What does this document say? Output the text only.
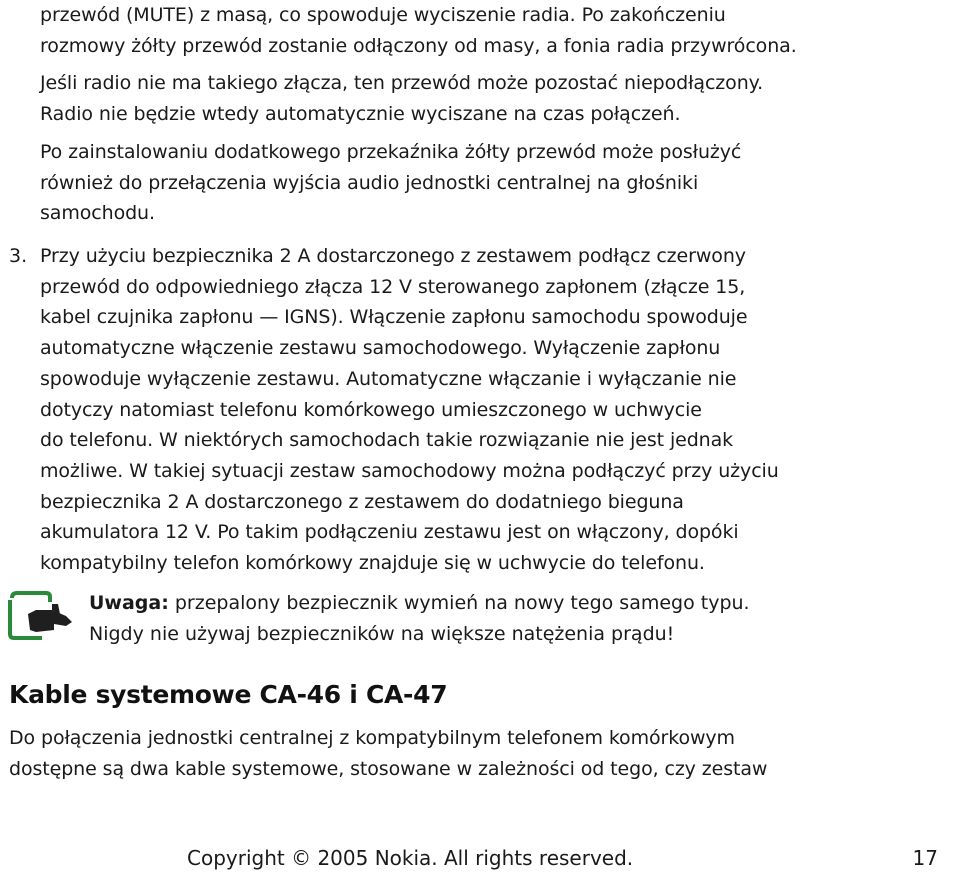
przewód (MUTE) z masą, co spowoduje wyciszenie radia. Po zakończeniu
rozmowy żółty przewód zostanie odłączony od masy, a fonia radia przywrócona.

Jeśli radio nie ma takiego złącza, ten przewód może pozostać niepodłączony.
Radio nie będzie wtedy automatycznie wyciszane na czas połączeń.

Po zainstalowaniu dodatkowego przekaźnika żółty przewód może posłużyć
również do przełączenia wyjścia audio jednostki centralnej na głośniki
samochodu.

3. Przy użyciu bezpiecznika 2 A dostarczonego z zestawem podłącz czerwony
przewód do odpowiedniego złącza 12 V sterowanego zapłonem (złącze 15,
kabel czujnika zapłonu — IGNS). Włączenie zapłonu samochodu spowoduje
automatyczne włączenie zestawu samochodowego. Wyłączenie zapłonu
spowoduje wyłączenie zestawu. Automatyczne włączanie i wyłączanie nie
dotyczy natomiast telefonu komórkowego umieszczonego w uchwycie
do telefonu. W niektórych samochodach takie rozwiązanie nie jest jednak
możliwe. W takiej sytuacji zestaw samochodowy można podłączyć przy użyciu
bezpiecznika 2 A dostarczonego z zestawem do dodatniego bieguna
akumulatora 12 V. Po takim podłączeniu zestawu jest on włączony, dopóki
kompatybilny telefon komórkowy znajduje się w uchwycie do telefonu.

Uwaga: przepalony bezpiecznik wymień na nowy tego samego typu.
Nigdy nie używaj bezpieczników na większe natężenia prądu!

Kable systemowe CA-46 i CA-47

Do połączenia jednostki centralnej z kompatybilnym telefonem komórkowym
dostępne są dwa kable systemowe, stosowane w zależności od tego, czy zestaw

Copyright © 2005 Nokia. All rights reserved.	17
